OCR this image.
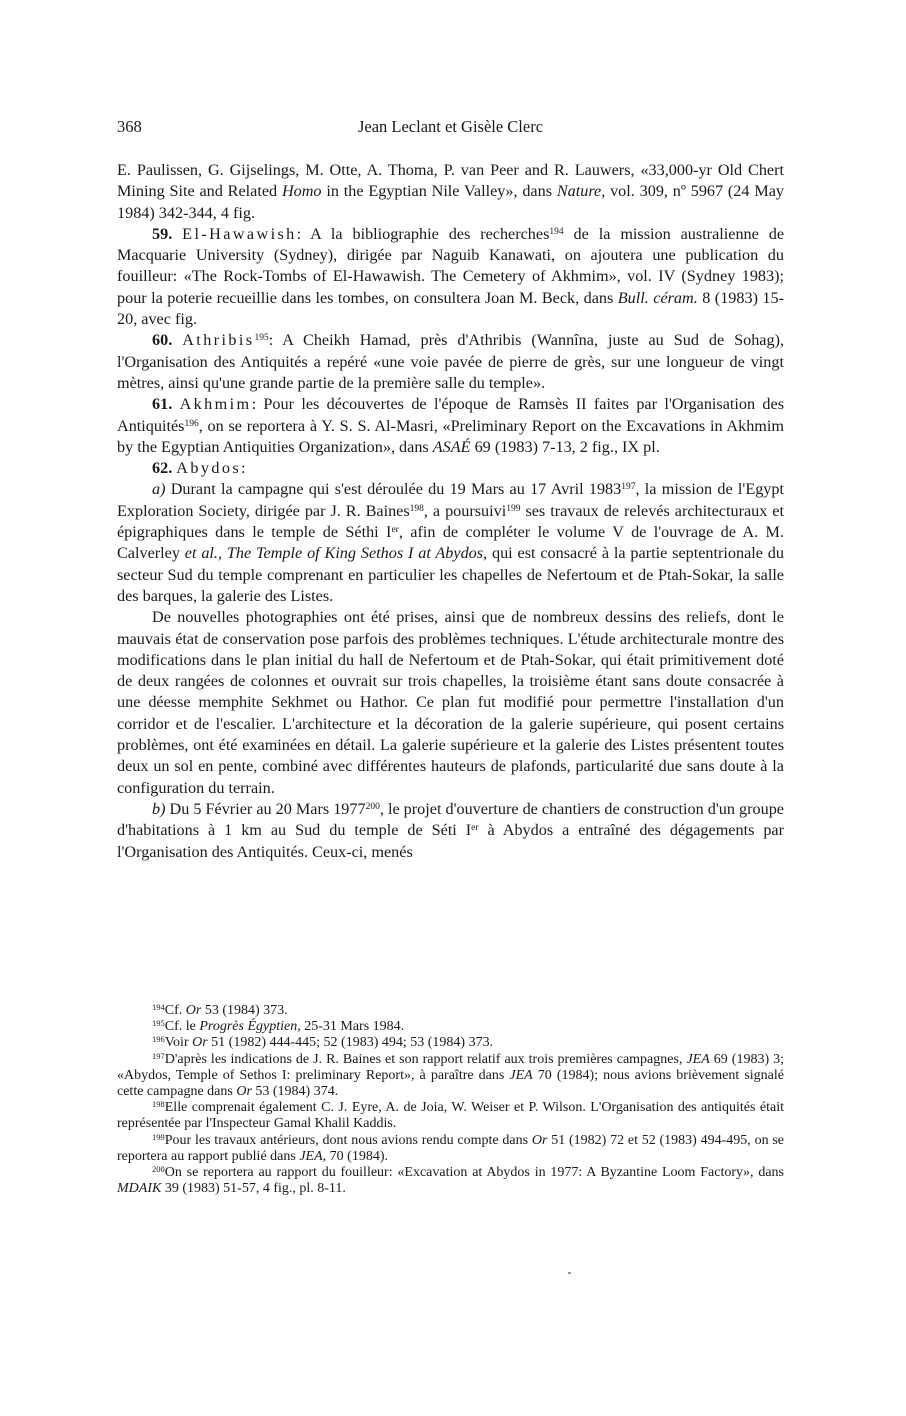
368	Jean Leclant et Gisèle Clerc

E. Paulissen, G. Gijselings, M. Otte, A. Thoma, P. van Peer and R. Lauwers, «33,000-yr Old Chert Mining Site and Related Homo in the Egyptian Nile Valley», dans Nature, vol. 309, nº 5967 (24 May 1984) 342-344, 4 fig.

59. El-Hawawish: A la bibliographie des recherches$^{194}$ de la mission australienne de Macquarie University (Sydney), dirigée par Naguib Kanawati, on ajoutera une publication du fouilleur: «The Rock-Tombs of El-Hawawish. The Cemetery of Akhmim», vol. IV (Sydney 1983); pour la poterie recueillie dans les tombes, on consultera Joan M. Beck, dans Bull. céram. 8 (1983) 15-20, avec fig.

60. Athribis$^{195}$: A Cheikh Hamad, près d'Athribis (Wannîna, juste au Sud de Sohag), l'Organisation des Antiquités a repéré «une voie pavée de pierre de grès, sur une longueur de vingt mètres, ainsi qu'une grande partie de la première salle du temple».

61. Akhmim: Pour les découvertes de l'époque de Ramsès II faites par l'Organisation des Antiquités$^{196}$, on se reportera à Y. S. S. Al-Masri, «Preliminary Report on the Excavations in Akhmim by the Egyptian Antiquities Organization», dans ASAÉ 69 (1983) 7-13, 2 fig., IX pl.

62. Abydos:

a) Durant la campagne qui s'est déroulée du 19 Mars au 17 Avril 1983$^{197}$, la mission de l'Egypt Exploration Society, dirigée par J. R. Baines$^{198}$, a poursuivi$^{199}$ ses travaux de relevés architecturaux et épigraphiques dans le temple de Séthi Ier, afin de compléter le volume V de l'ouvrage de A. M. Calverley et al., The Temple of King Sethos I at Abydos, qui est consacré à la partie septentrionale du secteur Sud du temple comprenant en particulier les chapelles de Nefertoum et de Ptah-Sokar, la salle des barques, la galerie des Listes.

De nouvelles photographies ont été prises, ainsi que de nombreux dessins des reliefs, dont le mauvais état de conservation pose parfois des problèmes techniques. L'étude architecturale montre des modifications dans le plan initial du hall de Nefertoum et de Ptah-Sokar, qui était primitivement doté de deux rangées de colonnes et ouvrait sur trois chapelles, la troisième étant sans doute consacrée à une déesse memphite Sekhmet ou Hathor. Ce plan fut modifié pour permettre l'installation d'un corridor et de l'escalier. L'architecture et la décoration de la galerie supérieure, qui posent certains problèmes, ont été examinées en détail. La galerie supérieure et la galerie des Listes présentent toutes deux un sol en pente, combiné avec différentes hauteurs de plafonds, particularité due sans doute à la configuration du terrain.

b) Du 5 Février au 20 Mars 1977$^{200}$, le projet d'ouverture de chantiers de construction d'un groupe d'habitations à 1 km au Sud du temple de Séti Ier à Abydos a entraîné des dégagements par l'Organisation des Antiquités. Ceux-ci, menés

$^{194}$Cf. Or 53 (1984) 373.

$^{195}$Cf. le Progrès Égyptien, 25-31 Mars 1984.

$^{196}$Voir Or 51 (1982) 444-445; 52 (1983) 494; 53 (1984) 373.

$^{197}$D'après les indications de J. R. Baines et son rapport relatif aux trois premières campagnes, JEA 69 (1983) 3; «Abydos, Temple of Sethos I: preliminary Report», à paraître dans JEA 70 (1984); nous avions brièvement signalé cette campagne dans Or 53 (1984) 374.

$^{198}$Elle comprenait également C. J. Eyre, A. de Joia, W. Weiser et P. Wilson. L'Organisation des antiquités était représentée par l'Inspecteur Gamal Khalil Kaddis.

$^{199}$Pour les travaux antérieurs, dont nous avions rendu compte dans Or 51 (1982) 72 et 52 (1983) 494-495, on se reportera au rapport publié dans JEA, 70 (1984).

$^{200}$On se reportera au rapport du fouilleur: «Excavation at Abydos in 1977: A Byzantine Loom Factory», dans MDAIK 39 (1983) 51-57, 4 fig., pl. 8-11.
